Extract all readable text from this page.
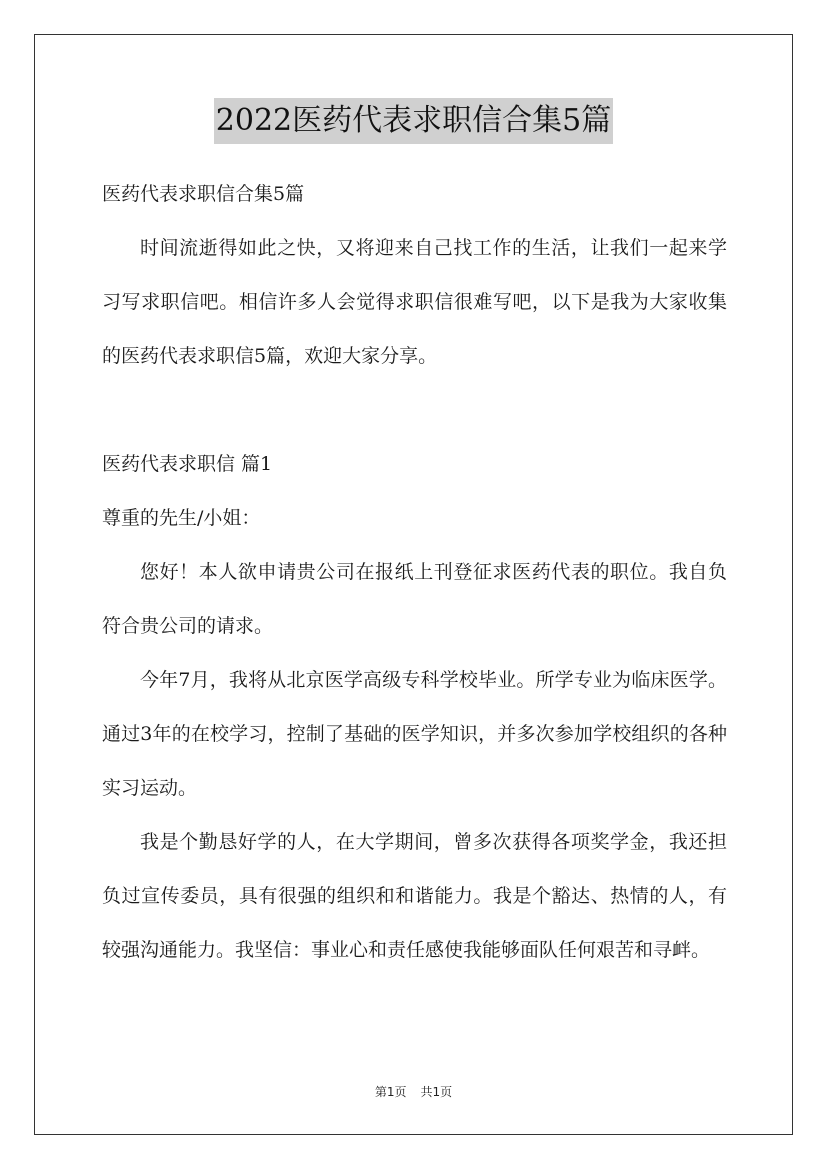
2022医药代表求职信合集5篇

医药代表求职信合集5篇

时间流逝得如此之快，又将迎来自己找工作的生活，让我们一起来学习写求职信吧。相信许多人会觉得求职信很难写吧，以下是我为大家收集的医药代表求职信5篇，欢迎大家分享。

医药代表求职信 篇1

尊重的先生/小姐：

您好！本人欲申请贵公司在报纸上刊登征求医药代表的职位。我自负符合贵公司的请求。

今年7月，我将从北京医学高级专科学校毕业。所学专业为临床医学。通过3年的在校学习，控制了基础的医学知识，并多次参加学校组织的各种实习运动。

我是个勤恳好学的人，在大学期间，曾多次获得各项奖学金，我还担负过宣传委员，具有很强的组织和和谐能力。我是个豁达、热情的人，有较强沟通能力。我坚信：事业心和责任感使我能够面队任何艰苦和寻衅。

第1页 共1页
